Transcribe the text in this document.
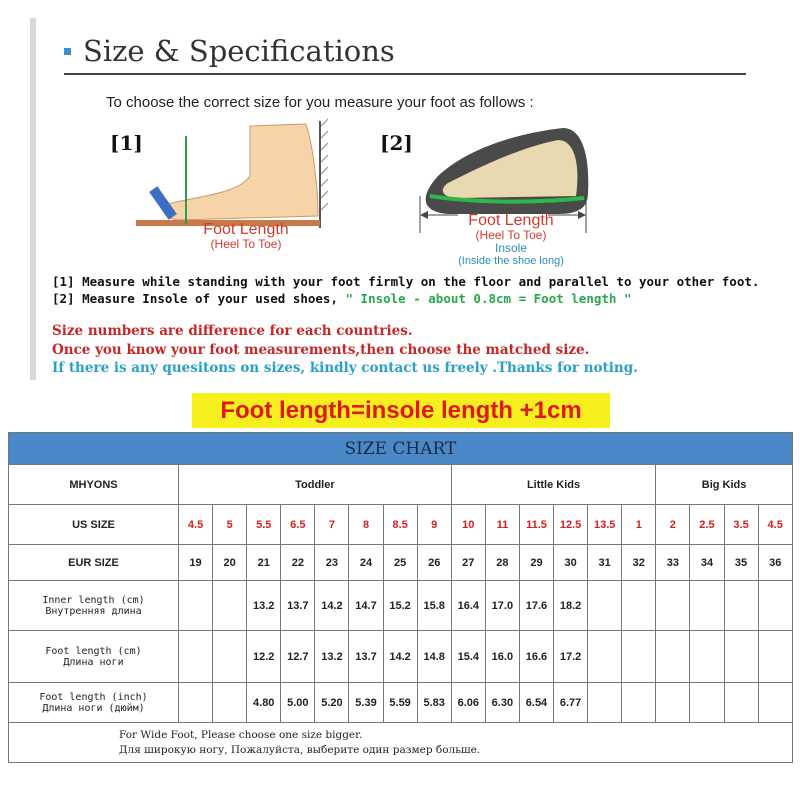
Size & Specifications
To choose the correct size for you measure your foot as follows :
[1]	[2]
Foot Length
(Heel To Toe)
Foot Length
(Heel To Toe)
Insole
(Inside the shoe long)
[1] Measure while standing with your foot firmly on the floor and parallel to your other foot.
[2] Measure Insole of your used shoes, " Insole - about 0.8cm = Foot length "
Size numbers are difference for each countries.
Once you know your foot measurements,then choose the matched size.
If there is any quesitons on sizes, kindly contact us freely .Thanks for noting.
Foot length=insole length +1cm
SIZE CHART																		
MHYONS	Toddler								Little Kids						Big Kids			
US SIZE	4.5	5	5.5	6.5	7	8	8.5	9	10	11	11.5	12.5	13.5	1	2	2.5	3.5	4.5
EUR SIZE	19	20	21	22	23	24	25	26	27	28	29	30	31	32	33	34	35	36
Inner length (cm)
Внутренняя длина			13.2	13.7	14.2	14.7	15.2	15.8	16.4	17.0	17.6	18.2						
Foot length (cm)
Длина ноги			12.2	12.7	13.2	13.7	14.2	14.8	15.4	16.0	16.6	17.2						
Foot length (inch)
Длина ноги (дюйм)			4.80	5.00	5.20	5.39	5.59	5.83	6.06	6.30	6.54	6.77						
For Wide Foot, Please choose one size bigger.
Для широкую ногу, Пожалуйста, выберите один размер больше.																		
